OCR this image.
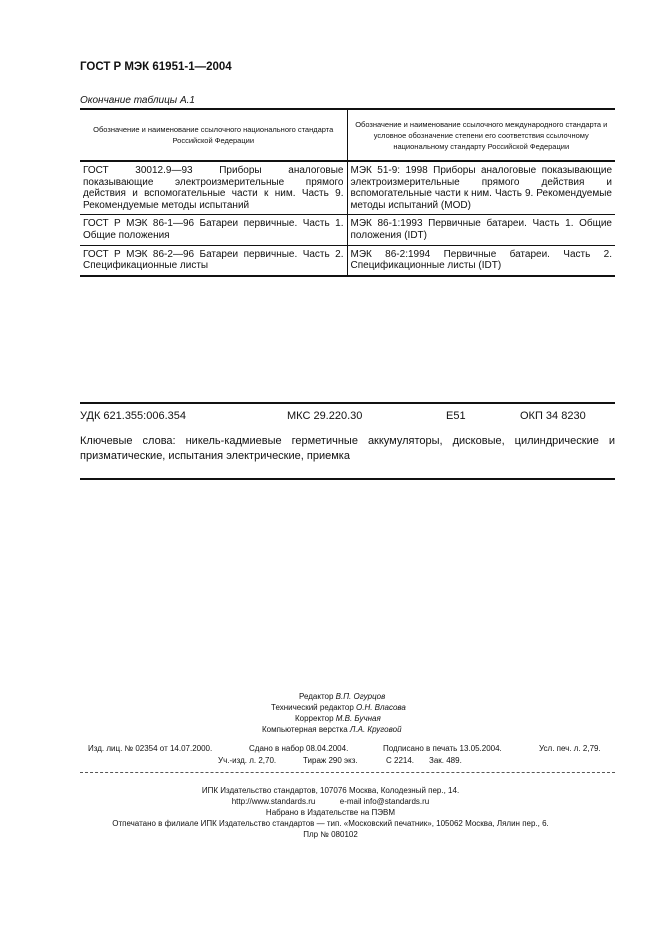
ГОСТ Р МЭК 61951-1—2004
Окончание таблицы А.1
Обозначение и наименование ссылочного национального стандарта Российской Федерации	Обозначение и наименование ссылочного международного стандарта и условное обозначение степени его соответствия ссылочному национальному стандарту Российской Федерации
ГОСТ 30012.9—93 Приборы аналоговые показывающие электроизмерительные прямого действия и вспомогательные части к ним. Часть 9. Рекомендуемые методы испытаний	МЭК 51-9: 1998 Приборы аналоговые показывающие электроизмерительные прямого действия и вспомогательные части к ним. Часть 9. Рекомендуемые методы испытаний (MOD)
ГОСТ Р МЭК 86-1—96 Батареи первичные. Часть 1. Общие положения	МЭК 86-1:1993 Первичные батареи. Часть 1. Общие положения (IDT)
ГОСТ Р МЭК 86-2—96 Батареи первичные. Часть 2. Спецификационные листы	МЭК 86-2:1994 Первичные батареи. Часть 2. Спецификационные листы (IDT)
УДК 621.355:006.354	МКС 29.220.30	Е51	ОКП 34 8230
Ключевые слова: никель-кадмиевые герметичные аккумуляторы, дисковые, цилиндрические и призматические, испытания электрические, приемка
Редактор В.П. Огурцов
Технический редактор О.Н. Власова
Корректор М.В. Бучная
Компьютерная верстка Л.А. Круговой
Изд. лиц. № 02354 от 14.07.2000.	Сдано в набор 08.04.2004.	Подписано в печать 13.05.2004.	Усл. печ. л. 2,79.
Уч.-изд. л. 2,70.	Тираж 290 экз.	С 2214. Зак. 489.
ИПК Издательство стандартов, 107076 Москва, Колодезный пер., 14.
http://www.standards.ru	e-mail info@standards.ru
Набрано в Издательстве на ПЭВМ
Отпечатано в филиале ИПК Издательство стандартов — тип. «Московский печатник», 105062 Москва, Лялин пер., 6.
Плр № 080102
